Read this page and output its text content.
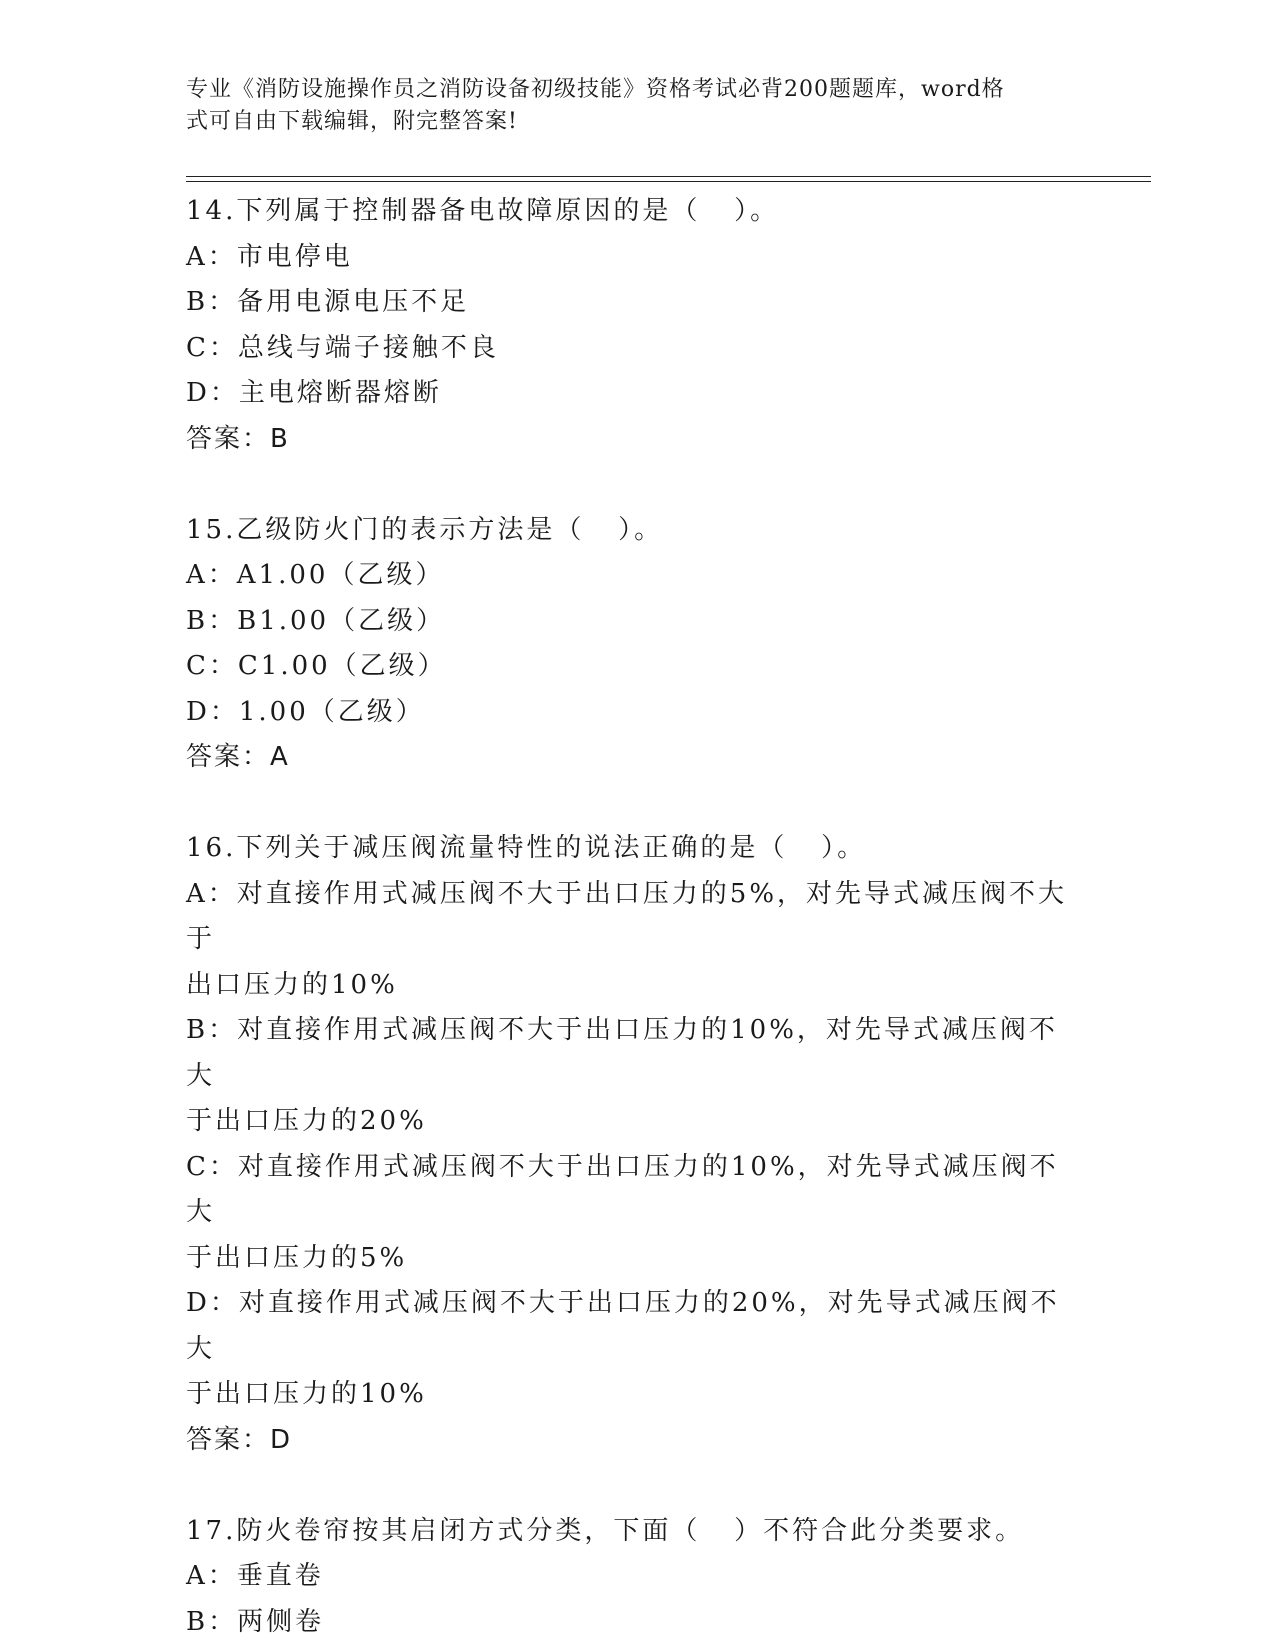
专业《消防设施操作员之消防设备初级技能》资格考试必背200题题库，word格
式可自由下载编辑，附完整答案!
14.下列属于控制器备电故障原因的是（   ）。
A：市电停电
B：备用电源电压不足
C：总线与端子接触不良
D：主电熔断器熔断
答案：B
15.乙级防火门的表示方法是（   ）。
A：A1.00（乙级）
B：B1.00（乙级）
C：C1.00（乙级）
D：1.00（乙级）
答案：A
16.下列关于减压阀流量特性的说法正确的是（   ）。
A：对直接作用式减压阀不大于出口压力的5%，对先导式减压阀不大于
出口压力的10%
B：对直接作用式减压阀不大于出口压力的10%，对先导式减压阀不大
于出口压力的20%
C：对直接作用式减压阀不大于出口压力的10%，对先导式减压阀不大
于出口压力的5%
D：对直接作用式减压阀不大于出口压力的20%，对先导式减压阀不大
于出口压力的10%
答案：D
17.防火卷帘按其启闭方式分类，下面（   ）不符合此分类要求。
A：垂直卷
B：两侧卷
